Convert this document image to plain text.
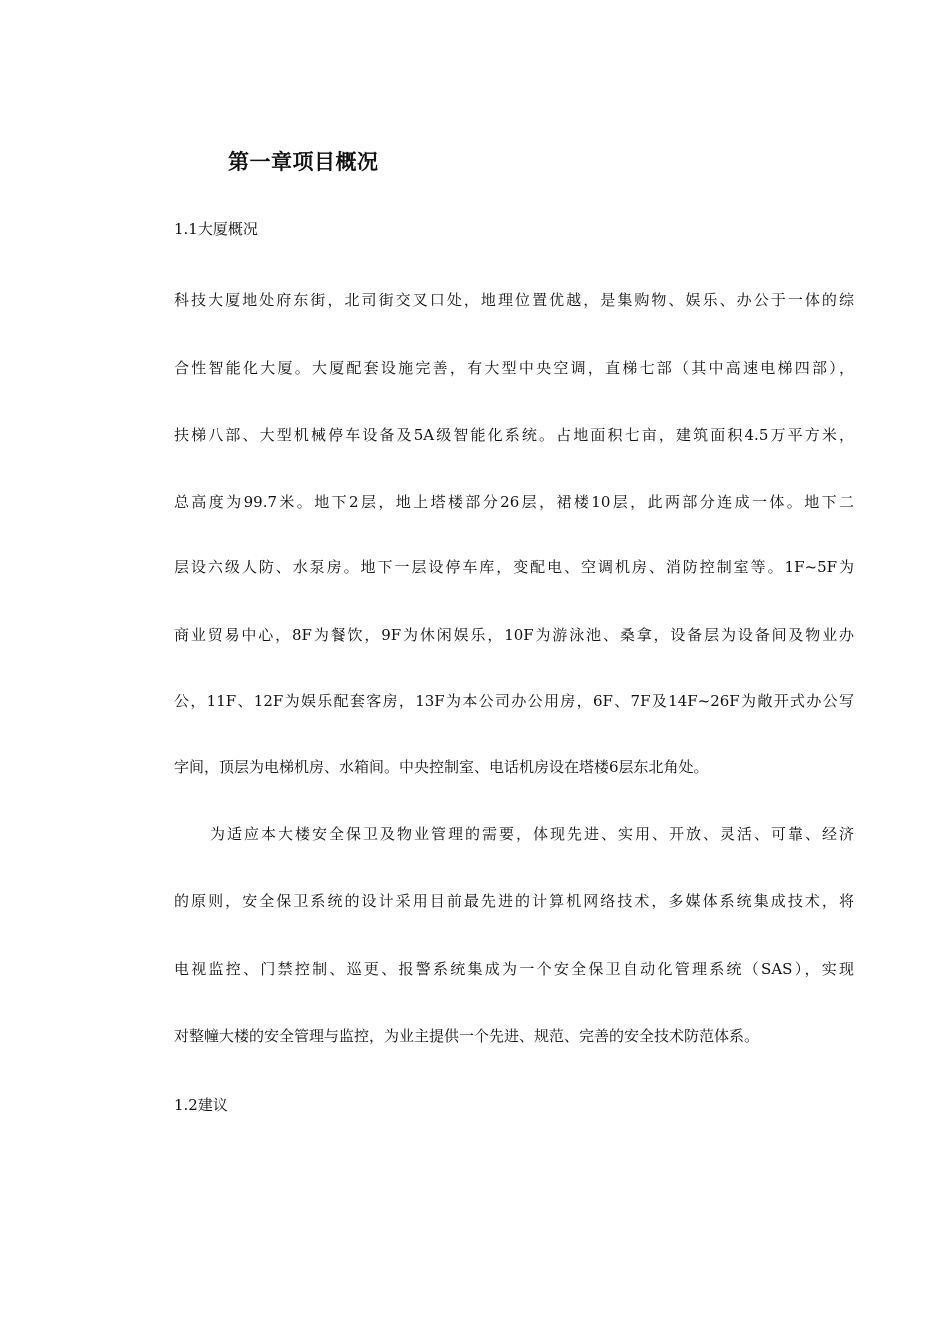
第一章项目概况
1.1大厦概况
科技大厦地处府东街，北司街交叉口处，地理位置优越，是集购物、娱乐、办公于一体的综
合性智能化大厦。大厦配套设施完善，有大型中央空调，直梯七部（其中高速电梯四部），
扶梯八部、大型机械停车设备及5A级智能化系统。占地面积七亩，建筑面积4.5万平方米，
总高度为99.7米。地下2层，地上塔楼部分26层，裙楼10层，此两部分连成一体。地下二
层设六级人防、水泵房。地下一层设停车库，变配电、空调机房、消防控制室等。1F~5F为
商业贸易中心，8F为餐饮，9F为休闲娱乐，10F为游泳池、桑拿，设备层为设备间及物业办
公，11F、12F为娱乐配套客房，13F为本公司办公用房，6F、7F及14F~26F为敞开式办公写
字间，顶层为电梯机房、水箱间。中央控制室、电话机房设在塔楼6层东北角处。
为适应本大楼安全保卫及物业管理的需要，体现先进、实用、开放、灵活、可靠、经济
的原则，安全保卫系统的设计采用目前最先进的计算机网络技术，多媒体系统集成技术，将
电视监控、门禁控制、巡更、报警系统集成为一个安全保卫自动化管理系统（SAS），实现
对整幢大楼的安全管理与监控，为业主提供一个先进、规范、完善的安全技术防范体系。
1.2建议
